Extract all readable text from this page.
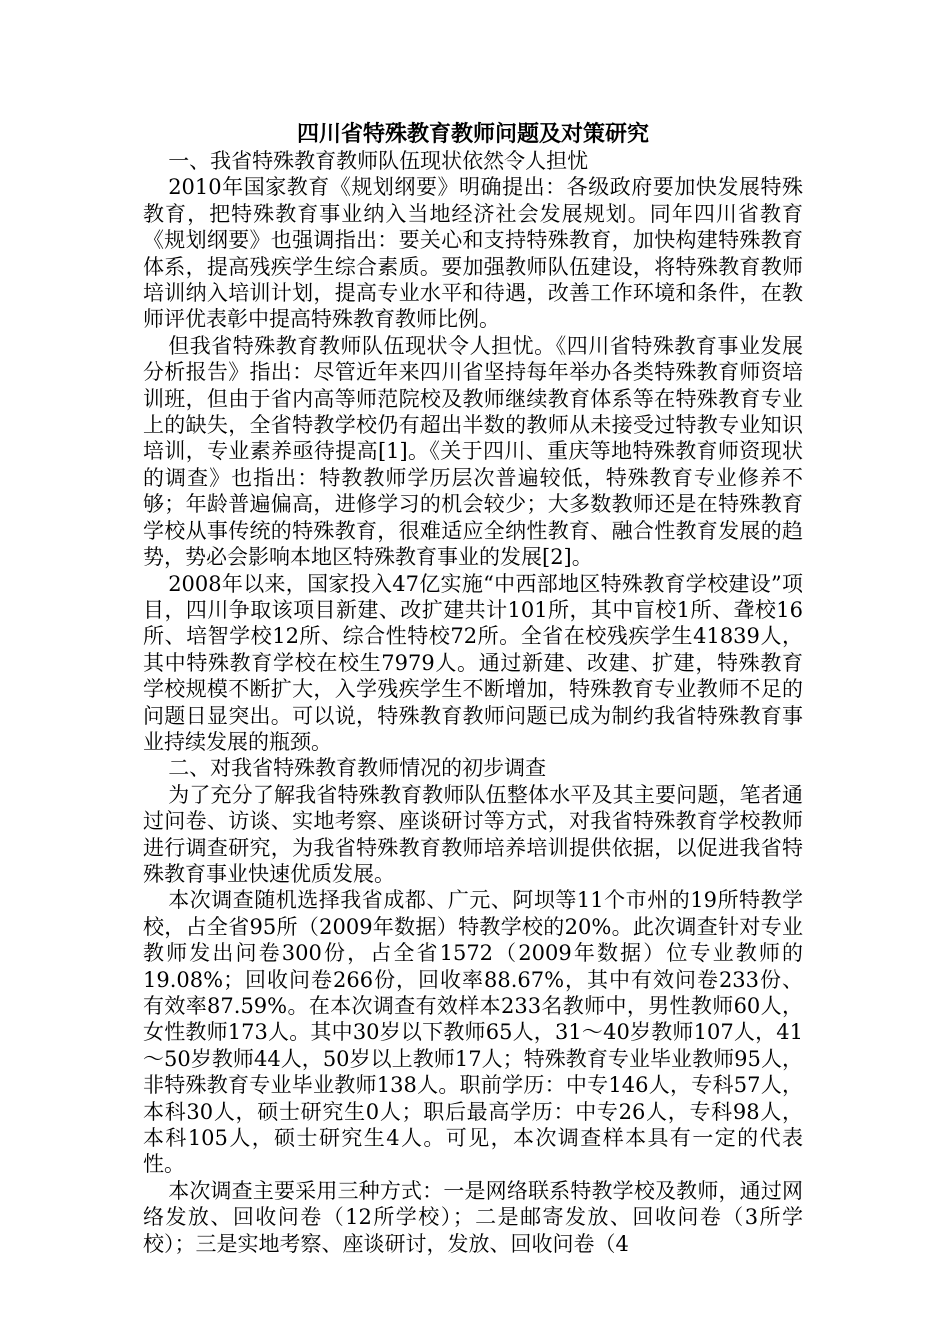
四川省特殊教育教师问题及对策研究

一、我省特殊教育教师队伍现状依然令人担忧

2010年国家教育《规划纲要》明确提出：各级政府要加快发展特殊教育，把特殊教育事业纳入当地经济社会发展规划。同年四川省教育《规划纲要》也强调指出：要关心和支持特殊教育，加快构建特殊教育体系，提高残疾学生综合素质。要加强教师队伍建设，将特殊教育教师培训纳入培训计划，提高专业水平和待遇，改善工作环境和条件，在教师评优表彰中提高特殊教育教师比例。

但我省特殊教育教师队伍现状令人担忧。《四川省特殊教育事业发展分析报告》指出：尽管近年来四川省坚持每年举办各类特殊教育师资培训班，但由于省内高等师范院校及教师继续教育体系等在特殊教育专业上的缺失，全省特教学校仍有超出半数的教师从未接受过特教专业知识培训，专业素养亟待提高[1]。《关于四川、重庆等地特殊教育师资现状的调查》也指出：特教教师学历层次普遍较低，特殊教育专业修养不够；年龄普遍偏高，进修学习的机会较少；大多数教师还是在特殊教育学校从事传统的特殊教育，很难适应全纳性教育、融合性教育发展的趋势，势必会影响本地区特殊教育事业的发展[2]。

2008年以来，国家投入47亿实施“中西部地区特殊教育学校建设”项目，四川争取该项目新建、改扩建共计101所，其中盲校1所、聋校16所、培智学校12所、综合性特校72所。全省在校残疾学生41839人，其中特殊教育学校在校生7979人。通过新建、改建、扩建，特殊教育学校规模不断扩大，入学残疾学生不断增加，特殊教育专业教师不足的问题日显突出。可以说，特殊教育教师问题已成为制约我省特殊教育事业持续发展的瓶颈。

二、对我省特殊教育教师情况的初步调查

为了充分了解我省特殊教育教师队伍整体水平及其主要问题，笔者通过问卷、访谈、实地考察、座谈研讨等方式，对我省特殊教育学校教师进行调查研究，为我省特殊教育教师培养培训提供依据，以促进我省特殊教育事业快速优质发展。

本次调查随机选择我省成都、广元、阿坝等11个市州的19所特教学校，占全省95所（2009年数据）特教学校的20%。此次调查针对专业教师发出问卷300份，占全省1572（2009年数据）位专业教师的19.08%；回收问卷266份，回收率88.67%，其中有效问卷233份、有效率87.59%。在本次调查有效样本233名教师中，男性教师60人，女性教师173人。其中30岁以下教师65人，31～40岁教师107人，41～50岁教师44人，50岁以上教师17人；特殊教育专业毕业教师95人，非特殊教育专业毕业教师138人。职前学历：中专146人，专科57人，本科30人，硕士研究生0人；职后最高学历：中专26人，专科98人，本科105人，硕士研究生4人。可见，本次调查样本具有一定的代表性。

本次调查主要采用三种方式：一是网络联系特教学校及教师，通过网络发放、回收问卷（12所学校）；二是邮寄发放、回收问卷（3所学校）；三是实地考察、座谈研讨，发放、回收问卷（4
